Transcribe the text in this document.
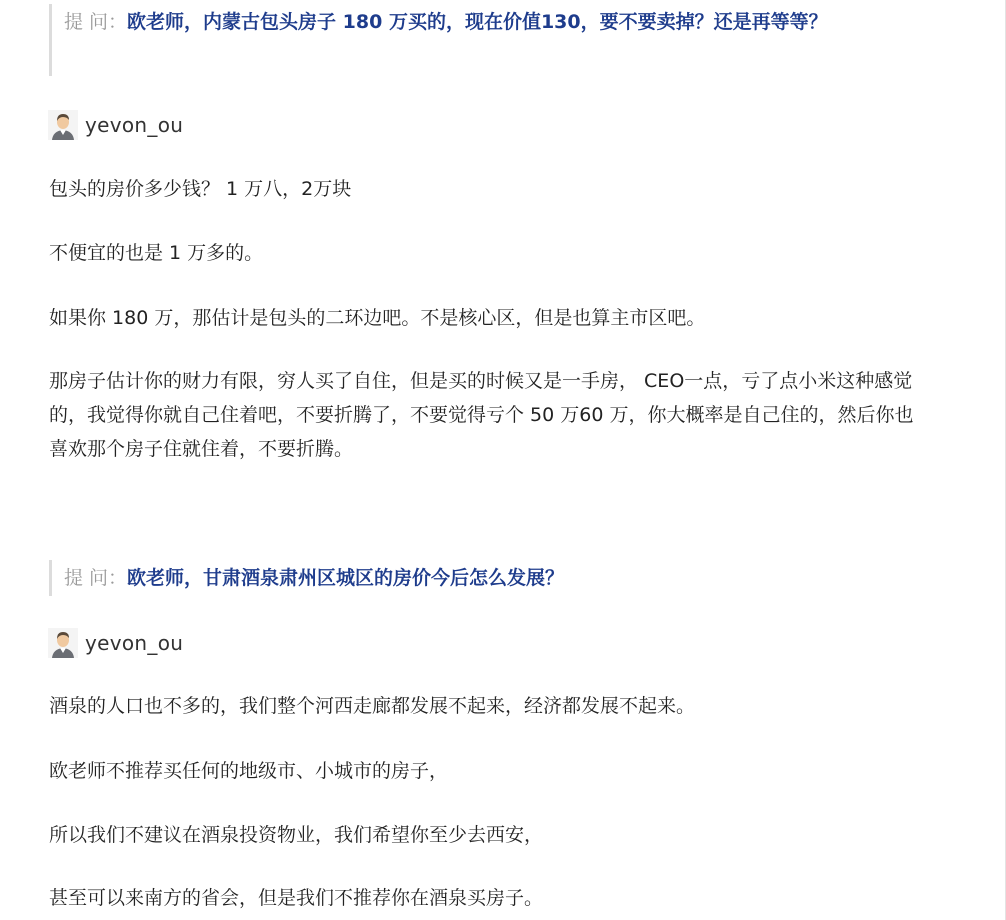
提 问：欧老师，内蒙古包头房子 180 万买的，现在价值130，要不要卖掉？还是再等等？
yevon_ou

包头的房价多少钱？ 1 万八，2万块

不便宜的也是 1 万多的。

如果你 180 万，那估计是包头的二环边吧。不是核心区，但是也算主市区吧。

那房子估计你的财力有限，穷人买了自住，但是买的时候又是一手房， CEO一点，亏了点小米这种感觉的，我觉得你就自己住着吧，不要折腾了，不要觉得亏个 50 万60 万，你大概率是自己住的，然后你也喜欢那个房子住就住着，不要折腾。

提 问：欧老师，甘肃酒泉肃州区城区的房价今后怎么发展？
yevon_ou

酒泉的人口也不多的，我们整个河西走廊都发展不起来，经济都发展不起来。

欧老师不推荐买任何的地级市、小城市的房子，

所以我们不建议在酒泉投资物业，我们希望你至少去西安，

甚至可以来南方的省会，但是我们不推荐你在酒泉买房子。
